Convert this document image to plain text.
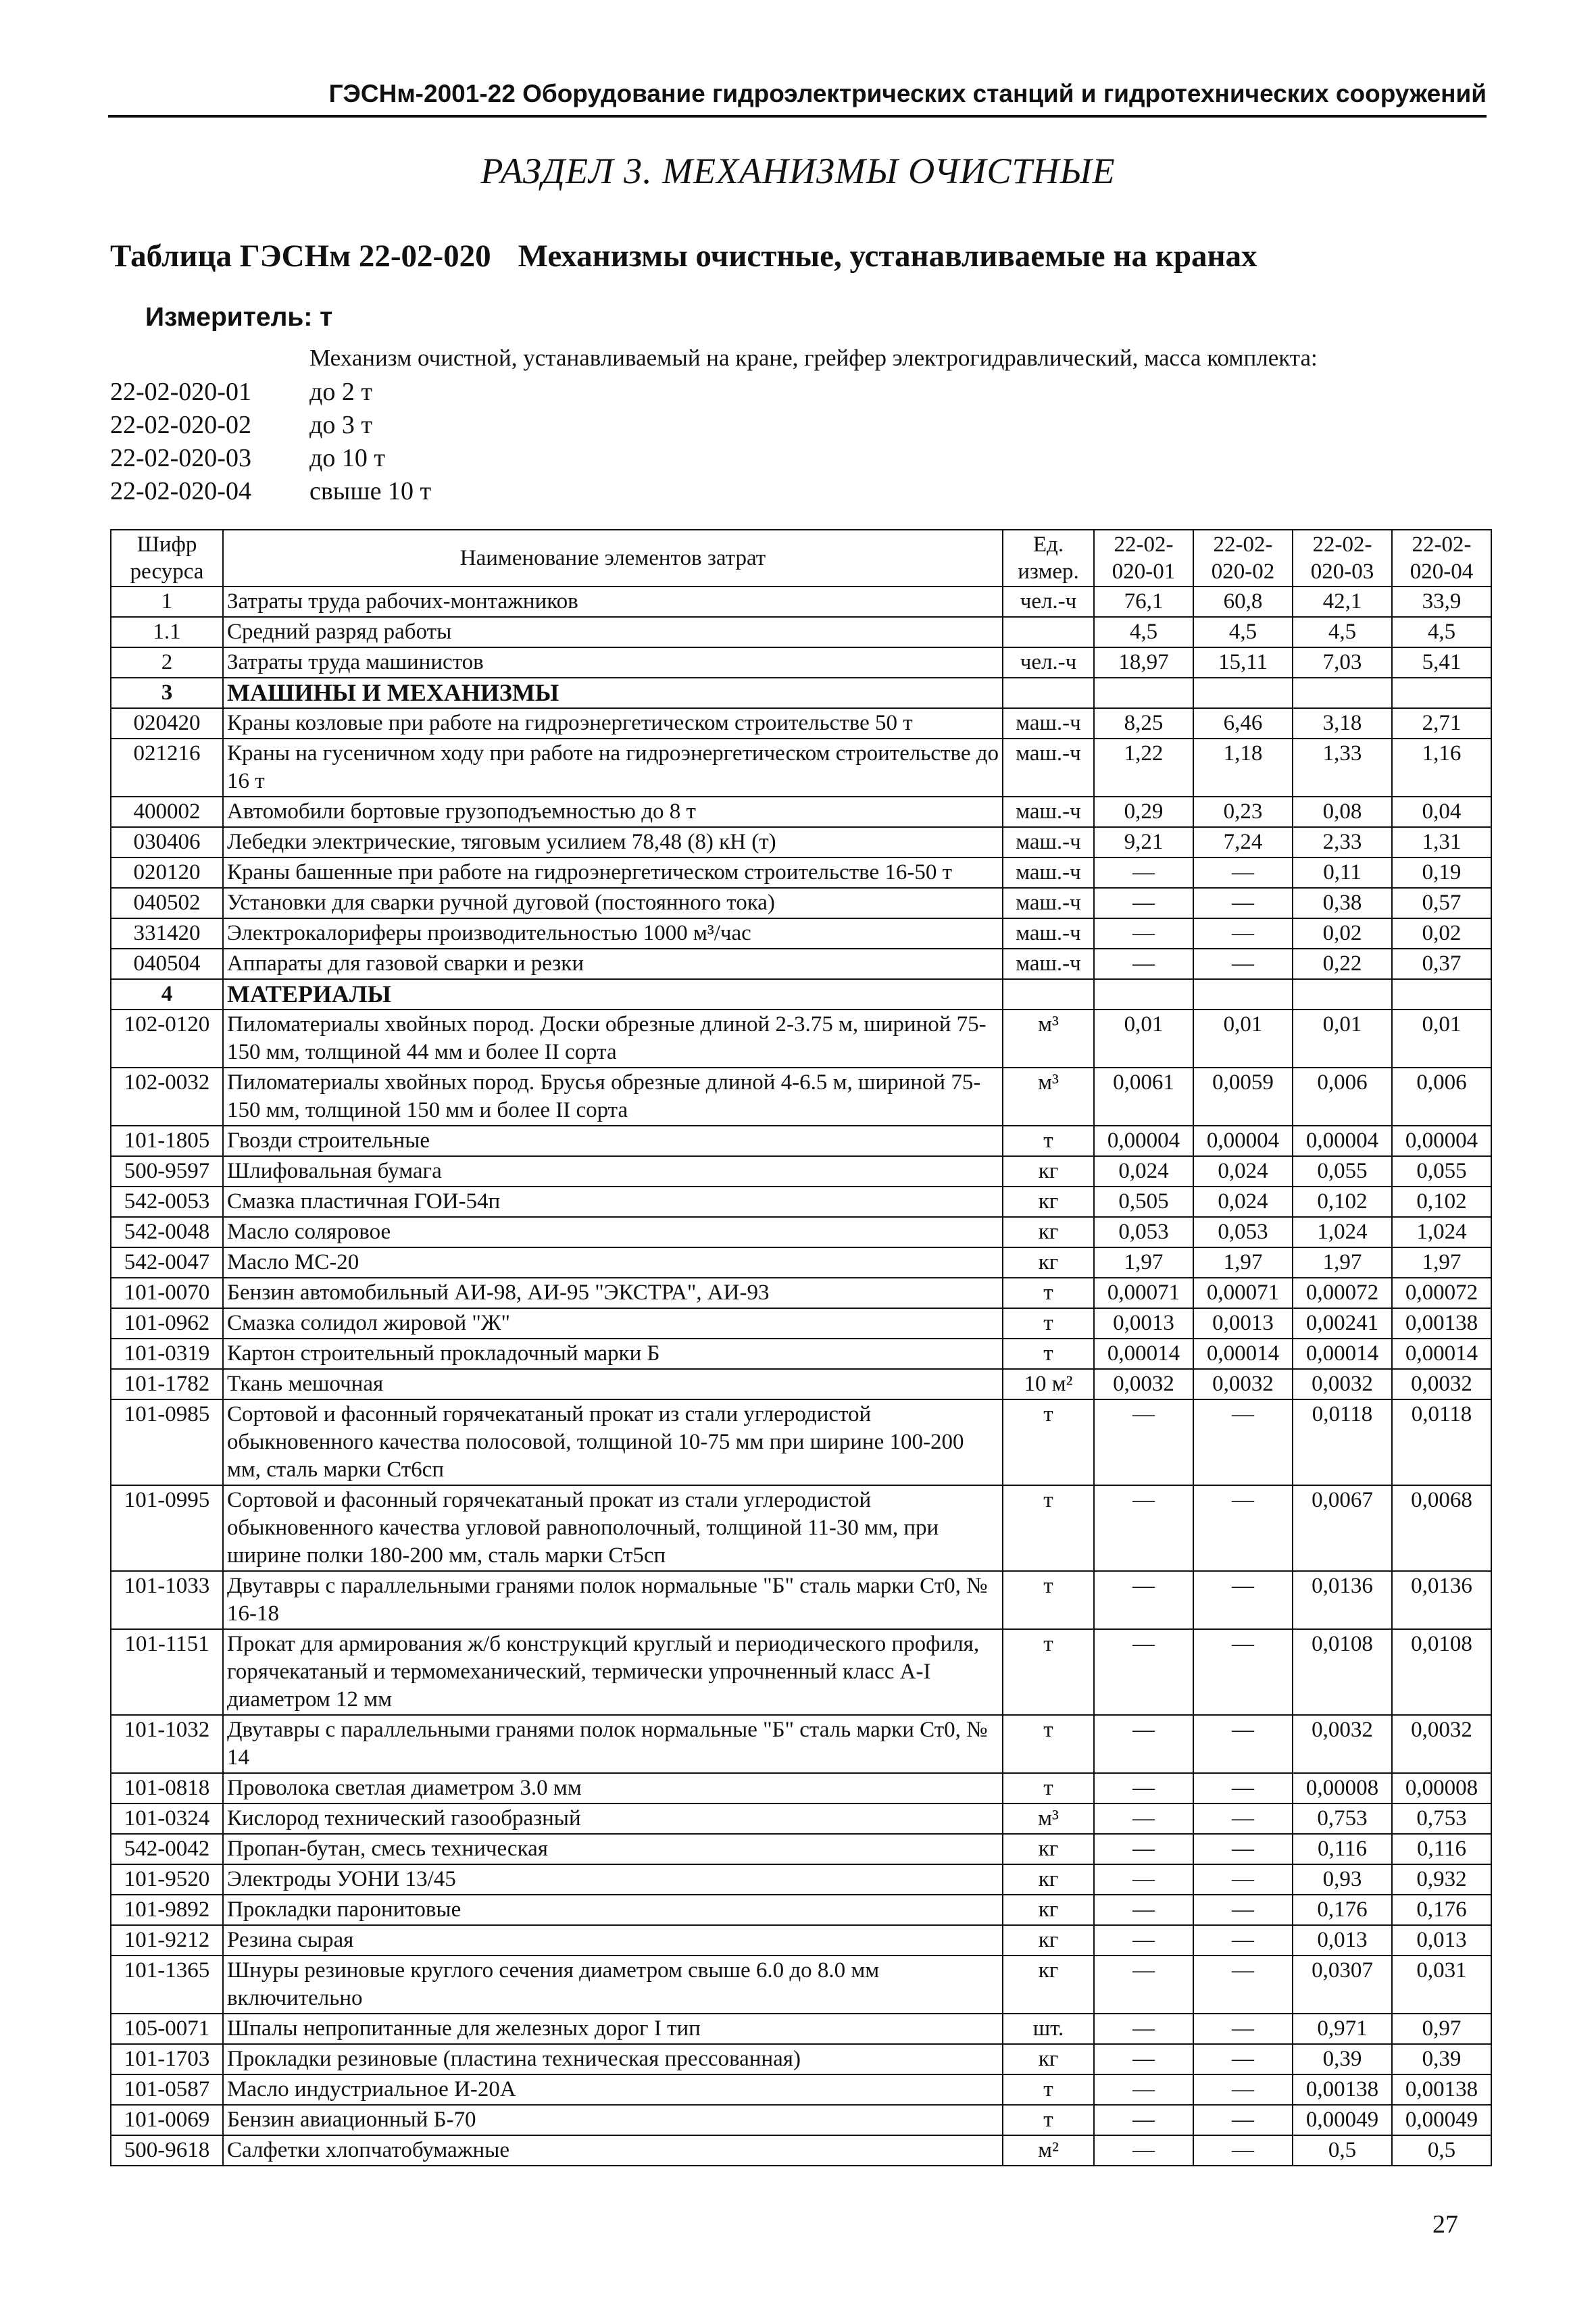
ГЭСНм-2001-22 Оборудование гидроэлектрических станций и гидротехнических сооружений
РАЗДЕЛ 3. МЕХАНИЗМЫ ОЧИСТНЫЕ
Таблица ГЭСНм 22-02-020 Механизмы очистные, устанавливаемые на кранах
Измеритель: т
Механизм очистной, устанавливаемый на кране, грейфер электрогидравлический, масса комплекта:
22-02-020-01	до 2 т
22-02-020-02	до 3 т
22-02-020-03	до 10 т
22-02-020-04	свыше 10 т
Шифр ресурса	Наименование элементов затрат	Ед. измер.	22-02-020-01	22-02-020-02	22-02-020-03	22-02-020-04
1	Затраты труда рабочих-монтажников	чел.-ч	76,1	60,8	42,1	33,9
1.1	Средний разряд работы		4,5	4,5	4,5	4,5
2	Затраты труда машинистов	чел.-ч	18,97	15,11	7,03	5,41
3	МАШИНЫ И МЕХАНИЗМЫ					
020420	Краны козловые при работе на гидроэнергетическом строительстве 50 т	маш.-ч	8,25	6,46	3,18	2,71
021216	Краны на гусеничном ходу при работе на гидроэнергетическом строительстве до 16 т	маш.-ч	1,22	1,18	1,33	1,16
400002	Автомобили бортовые грузоподъемностью до 8 т	маш.-ч	0,29	0,23	0,08	0,04
030406	Лебедки электрические, тяговым усилием 78,48 (8) кН (т)	маш.-ч	9,21	7,24	2,33	1,31
020120	Краны башенные при работе на гидроэнергетическом строительстве 16-50 т	маш.-ч	—	—	0,11	0,19
040502	Установки для сварки ручной дуговой (постоянного тока)	маш.-ч	—	—	0,38	0,57
331420	Электрокалориферы производительностью 1000 м³/час	маш.-ч	—	—	0,02	0,02
040504	Аппараты для газовой сварки и резки	маш.-ч	—	—	0,22	0,37
4	МАТЕРИАЛЫ					
102-0120	Пиломатериалы хвойных пород. Доски обрезные длиной 2-3.75 м, шириной 75-150 мм, толщиной 44 мм и более II сорта	м³	0,01	0,01	0,01	0,01
102-0032	Пиломатериалы хвойных пород. Брусья обрезные длиной 4-6.5 м, шириной 75-150 мм, толщиной 150 мм и более II сорта	м³	0,0061	0,0059	0,006	0,006
101-1805	Гвозди строительные	т	0,00004	0,00004	0,00004	0,00004
500-9597	Шлифовальная бумага	кг	0,024	0,024	0,055	0,055
542-0053	Смазка пластичная ГОИ-54п	кг	0,505	0,024	0,102	0,102
542-0048	Масло соляровое	кг	0,053	0,053	1,024	1,024
542-0047	Масло МС-20	кг	1,97	1,97	1,97	1,97
101-0070	Бензин автомобильный АИ-98, АИ-95 "ЭКСТРА", АИ-93	т	0,00071	0,00071	0,00072	0,00072
101-0962	Смазка солидол жировой "Ж"	т	0,0013	0,0013	0,00241	0,00138
101-0319	Картон строительный прокладочный марки Б	т	0,00014	0,00014	0,00014	0,00014
101-1782	Ткань мешочная	10 м²	0,0032	0,0032	0,0032	0,0032
101-0985	Сортовой и фасонный горячекатаный прокат из стали углеродистой обыкновенного качества полосовой, толщиной 10-75 мм при ширине 100-200 мм, сталь марки Ст6сп	т	—	—	0,0118	0,0118
101-0995	Сортовой и фасонный горячекатаный прокат из стали углеродистой обыкновенного качества угловой равнополочный, толщиной 11-30 мм, при ширине полки 180-200 мм, сталь марки Ст5сп	т	—	—	0,0067	0,0068
101-1033	Двутавры с параллельными гранями полок нормальные "Б" сталь марки Ст0, № 16-18	т	—	—	0,0136	0,0136
101-1151	Прокат для армирования ж/б конструкций круглый и периодического профиля, горячекатаный и термомеханический, термически упрочненный класс А-I диаметром 12 мм	т	—	—	0,0108	0,0108
101-1032	Двутавры с параллельными гранями полок нормальные "Б" сталь марки Ст0, № 14	т	—	—	0,0032	0,0032
101-0818	Проволока светлая диаметром 3.0 мм	т	—	—	0,00008	0,00008
101-0324	Кислород технический газообразный	м³	—	—	0,753	0,753
542-0042	Пропан-бутан, смесь техническая	кг	—	—	0,116	0,116
101-9520	Электроды УОНИ 13/45	кг	—	—	0,93	0,932
101-9892	Прокладки паронитовые	кг	—	—	0,176	0,176
101-9212	Резина сырая	кг	—	—	0,013	0,013
101-1365	Шнуры резиновые круглого сечения диаметром свыше 6.0 до 8.0 мм включительно	кг	—	—	0,0307	0,031
105-0071	Шпалы непропитанные для железных дорог I тип	шт.	—	—	0,971	0,97
101-1703	Прокладки резиновые (пластина техническая прессованная)	кг	—	—	0,39	0,39
101-0587	Масло индустриальное И-20А	т	—	—	0,00138	0,00138
101-0069	Бензин авиационный Б-70	т	—	—	0,00049	0,00049
500-9618	Салфетки хлопчатобумажные	м²	—	—	0,5	0,5
27
